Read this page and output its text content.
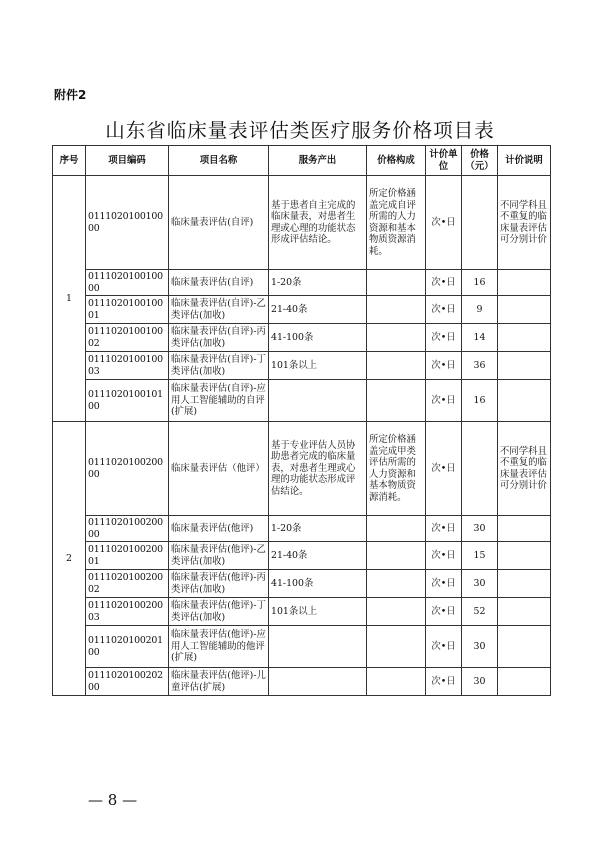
附件2
山东省临床量表评估类医疗服务价格项目表
序号	项目编码	项目名称	服务产出	价格构成	计价单位	价格（元）	计价说明
1	011102010010000	临床量表评估(自评)	基于患者自主完成的临床量表，对患者生理或心理的功能状态形成评估结论。	所定价格涵盖完成自评所需的人力资源和基本物质资源消耗。	次•日		不同学科且不重复的临床量表评估可分别计价
	011102010010000	临床量表评估(自评)	1-20条		次•日	16	
	011102010010001	临床量表评估(自评)-乙类评估(加收)	21-40条		次•日	9	
	011102010010002	临床量表评估(自评)-丙类评估(加收)	41-100条		次•日	14	
	011102010010003	临床量表评估(自评)-丁类评估(加收)	101条以上		次•日	36	
	011102010010100	临床量表评估(自评)-应用人工智能辅助的自评(扩展)			次•日	16	
2	011102010020000	临床量表评估（他评）	基于专业评估人员协助患者完成的临床量表，对患者生理或心理的功能状态形成评估结论。	所定价格涵盖完成甲类评估所需的人力资源和基本物质资源消耗。	次•日		不同学科且不重复的临床量表评估可分别计价
	011102010020000	临床量表评估(他评)	1-20条		次•日	30	
	011102010020001	临床量表评估(他评)-乙类评估(加收)	21-40条		次•日	15	
	011102010020002	临床量表评估(他评)-丙类评估(加收)	41-100条		次•日	30	
	011102010020003	临床量表评估(他评)-丁类评估(加收)	101条以上		次•日	52	
	011102010020100	临床量表评估(他评)-应用人工智能辅助的他评(扩展)			次•日	30	
	011102010020200	临床量表评估(他评)-儿童评估(扩展)			次•日	30	
— 8 —
